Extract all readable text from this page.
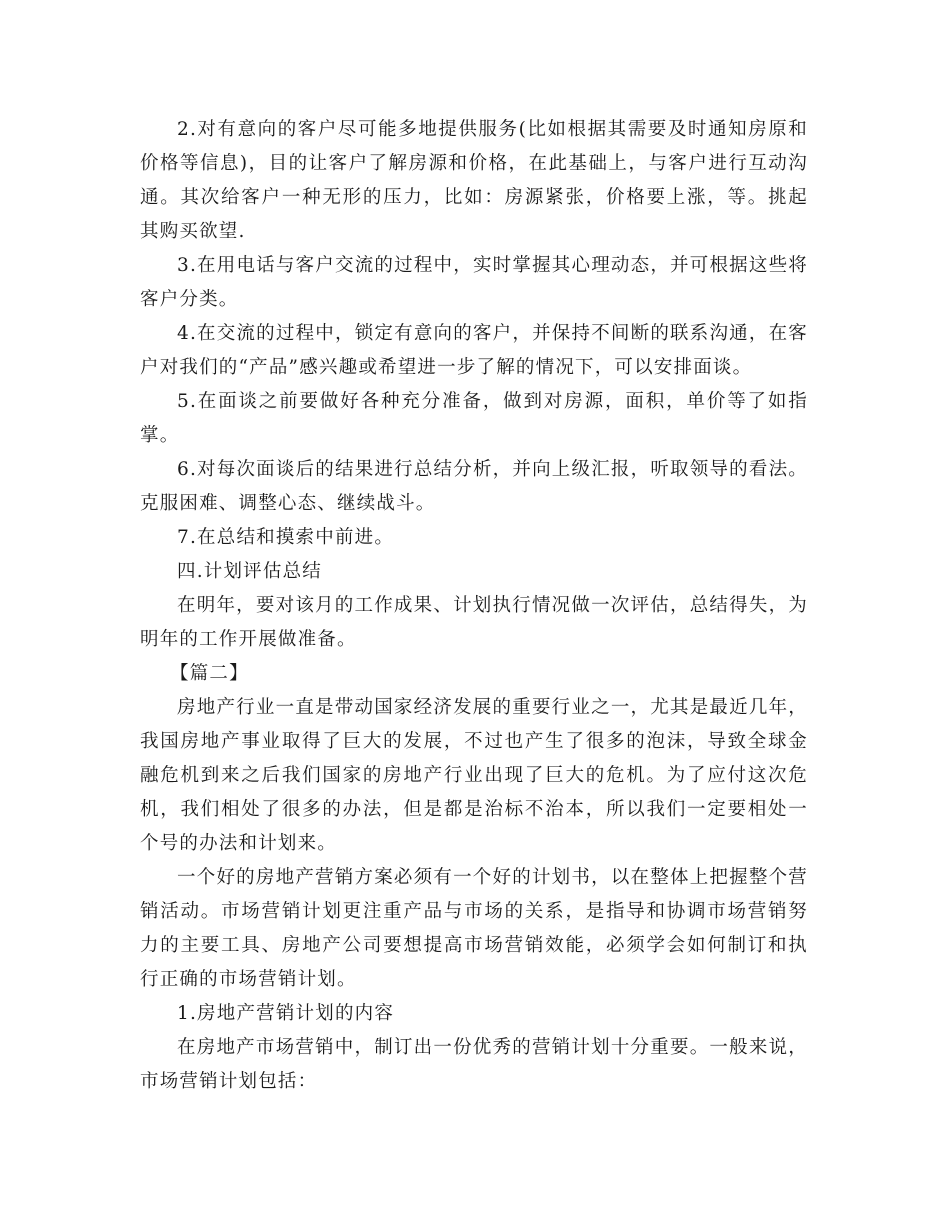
2.对有意向的客户尽可能多地提供服务(比如根据其需要及时通知房原和价格等信息)，目的让客户了解房源和价格，在此基础上，与客户进行互动沟通。其次给客户一种无形的压力，比如：房源紧张，价格要上涨，等。挑起其购买欲望.

3.在用电话与客户交流的过程中，实时掌握其心理动态，并可根据这些将客户分类。

4.在交流的过程中，锁定有意向的客户，并保持不间断的联系沟通，在客户对我们的“产品”感兴趣或希望进一步了解的情况下，可以安排面谈。

5.在面谈之前要做好各种充分准备，做到对房源，面积，单价等了如指掌。

6.对每次面谈后的结果进行总结分析，并向上级汇报，听取领导的看法。克服困难、调整心态、继续战斗。

7.在总结和摸索中前进。

四.计划评估总结

在明年，要对该月的工作成果、计划执行情况做一次评估，总结得失，为明年的工作开展做准备。

【篇二】

房地产行业一直是带动国家经济发展的重要行业之一，尤其是最近几年，我国房地产事业取得了巨大的发展，不过也产生了很多的泡沫，导致全球金融危机到来之后我们国家的房地产行业出现了巨大的危机。为了应付这次危机，我们相处了很多的办法，但是都是治标不治本，所以我们一定要相处一个号的办法和计划来。

一个好的房地产营销方案必须有一个好的计划书，以在整体上把握整个营销活动。市场营销计划更注重产品与市场的关系，是指导和协调市场营销努力的主要工具、房地产公司要想提高市场营销效能，必须学会如何制订和执行正确的市场营销计划。

1.房地产营销计划的内容

在房地产市场营销中，制订出一份优秀的营销计划十分重要。一般来说，市场营销计划包括：
